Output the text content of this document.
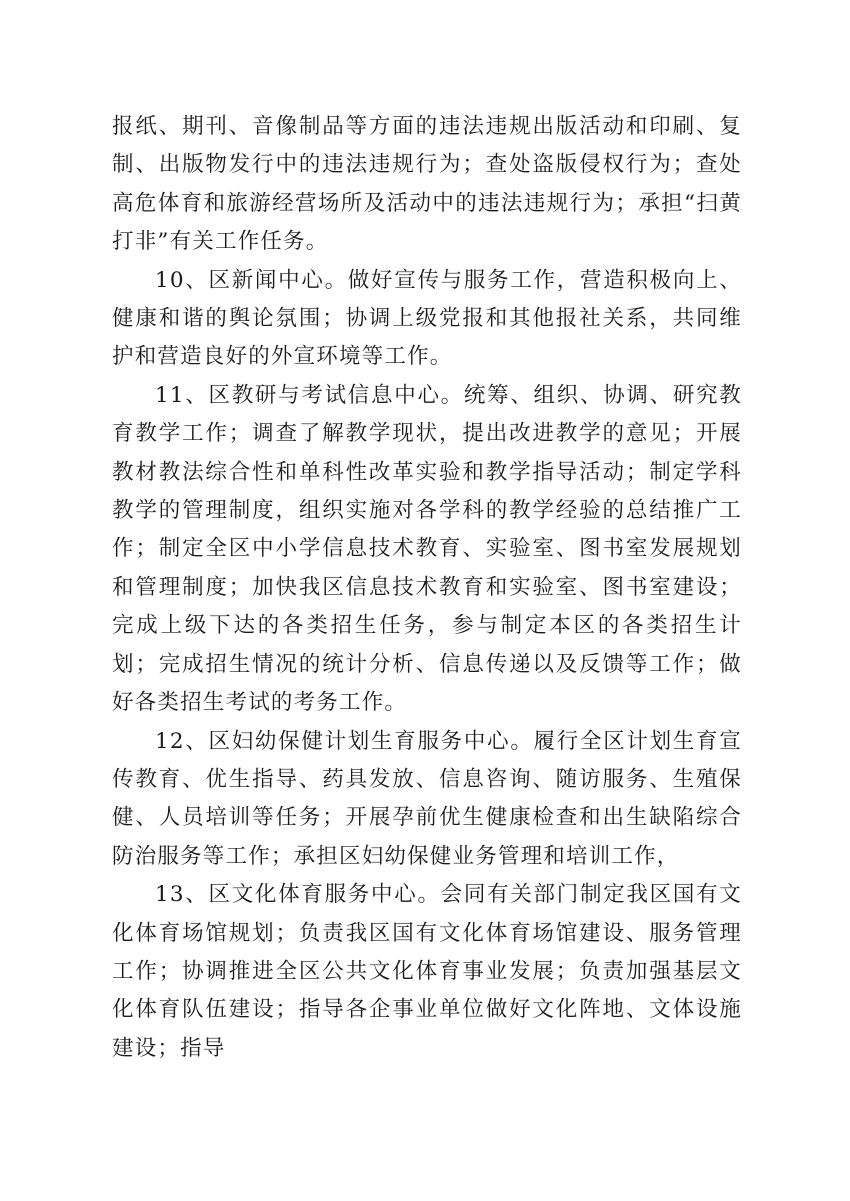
报纸、期刊、音像制品等方面的违法违规出版活动和印刷、复制、出版物发行中的违法违规行为；查处盗版侵权行为；查处高危体育和旅游经营场所及活动中的违法违规行为；承担“扫黄打非”有关工作任务。

10、区新闻中心。做好宣传与服务工作，营造积极向上、健康和谐的舆论氛围；协调上级党报和其他报社关系，共同维护和营造良好的外宣环境等工作。

11、区教研与考试信息中心。统筹、组织、协调、研究教育教学工作；调查了解教学现状，提出改进教学的意见；开展教材教法综合性和单科性改革实验和教学指导活动；制定学科教学的管理制度，组织实施对各学科的教学经验的总结推广工作；制定全区中小学信息技术教育、实验室、图书室发展规划和管理制度；加快我区信息技术教育和实验室、图书室建设；完成上级下达的各类招生任务，参与制定本区的各类招生计划；完成招生情况的统计分析、信息传递以及反馈等工作；做好各类招生考试的考务工作。

12、区妇幼保健计划生育服务中心。履行全区计划生育宣传教育、优生指导、药具发放、信息咨询、随访服务、生殖保健、人员培训等任务；开展孕前优生健康检查和出生缺陷综合防治服务等工作；承担区妇幼保健业务管理和培训工作，

13、区文化体育服务中心。会同有关部门制定我区国有文化体育场馆规划；负责我区国有文化体育场馆建设、服务管理工作；协调推进全区公共文化体育事业发展；负责加强基层文化体育队伍建设；指导各企事业单位做好文化阵地、文体设施建设；指导
